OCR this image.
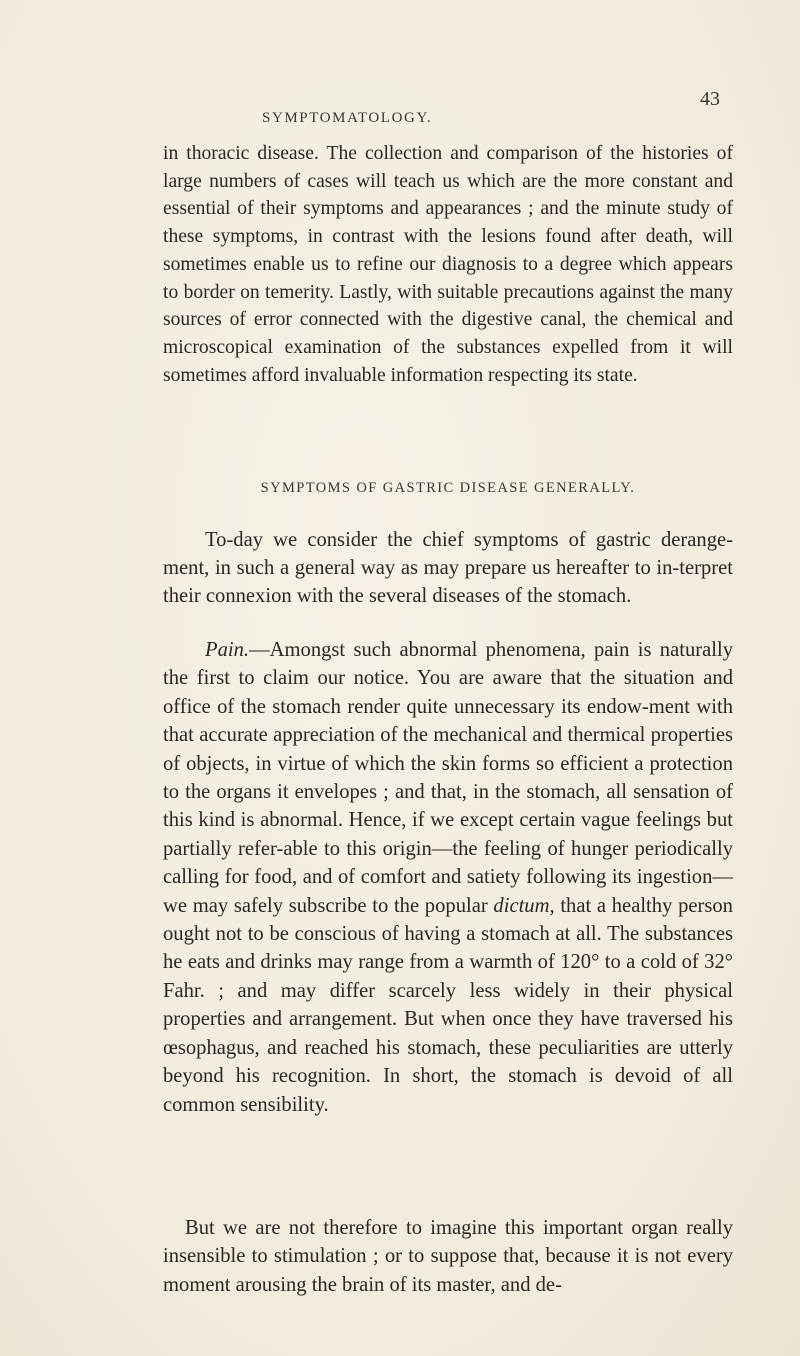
SYMPTOMATOLOGY.
43

in thoracic disease. The collection and comparison of the histories of large numbers of cases will teach us which are the more constant and essential of their symptoms and appearances ; and the minute study of these symptoms, in contrast with the lesions found after death, will sometimes enable us to refine our diagnosis to a degree which appears to border on temerity. Lastly, with suitable precautions against the many sources of error connected with the digestive canal, the chemical and microscopical examination of the substances expelled from it will sometimes afford invaluable information respecting its state.

SYMPTOMS OF GASTRIC DISEASE GENERALLY.

To-day we consider the chief symptoms of gastric derange-ment, in such a general way as may prepare us hereafter to in-terpret their connexion with the several diseases of the stomach.

Pain.—Amongst such abnormal phenomena, pain is naturally the first to claim our notice. You are aware that the situation and office of the stomach render quite unnecessary its endow-ment with that accurate appreciation of the mechanical and thermical properties of objects, in virtue of which the skin forms so efficient a protection to the organs it envelopes ; and that, in the stomach, all sensation of this kind is abnormal. Hence, if we except certain vague feelings but partially refer-able to this origin—the feeling of hunger periodically calling for food, and of comfort and satiety following its ingestion—we may safely subscribe to the popular dictum, that a healthy person ought not to be conscious of having a stomach at all. The substances he eats and drinks may range from a warmth of 120° to a cold of 32° Fahr. ; and may differ scarcely less widely in their physical properties and arrangement. But when once they have traversed his œsophagus, and reached his stomach, these peculiarities are utterly beyond his recognition. In short, the stomach is devoid of all common sensibility.

But we are not therefore to imagine this important organ really insensible to stimulation ; or to suppose that, because it is not every moment arousing the brain of its master, and de-
